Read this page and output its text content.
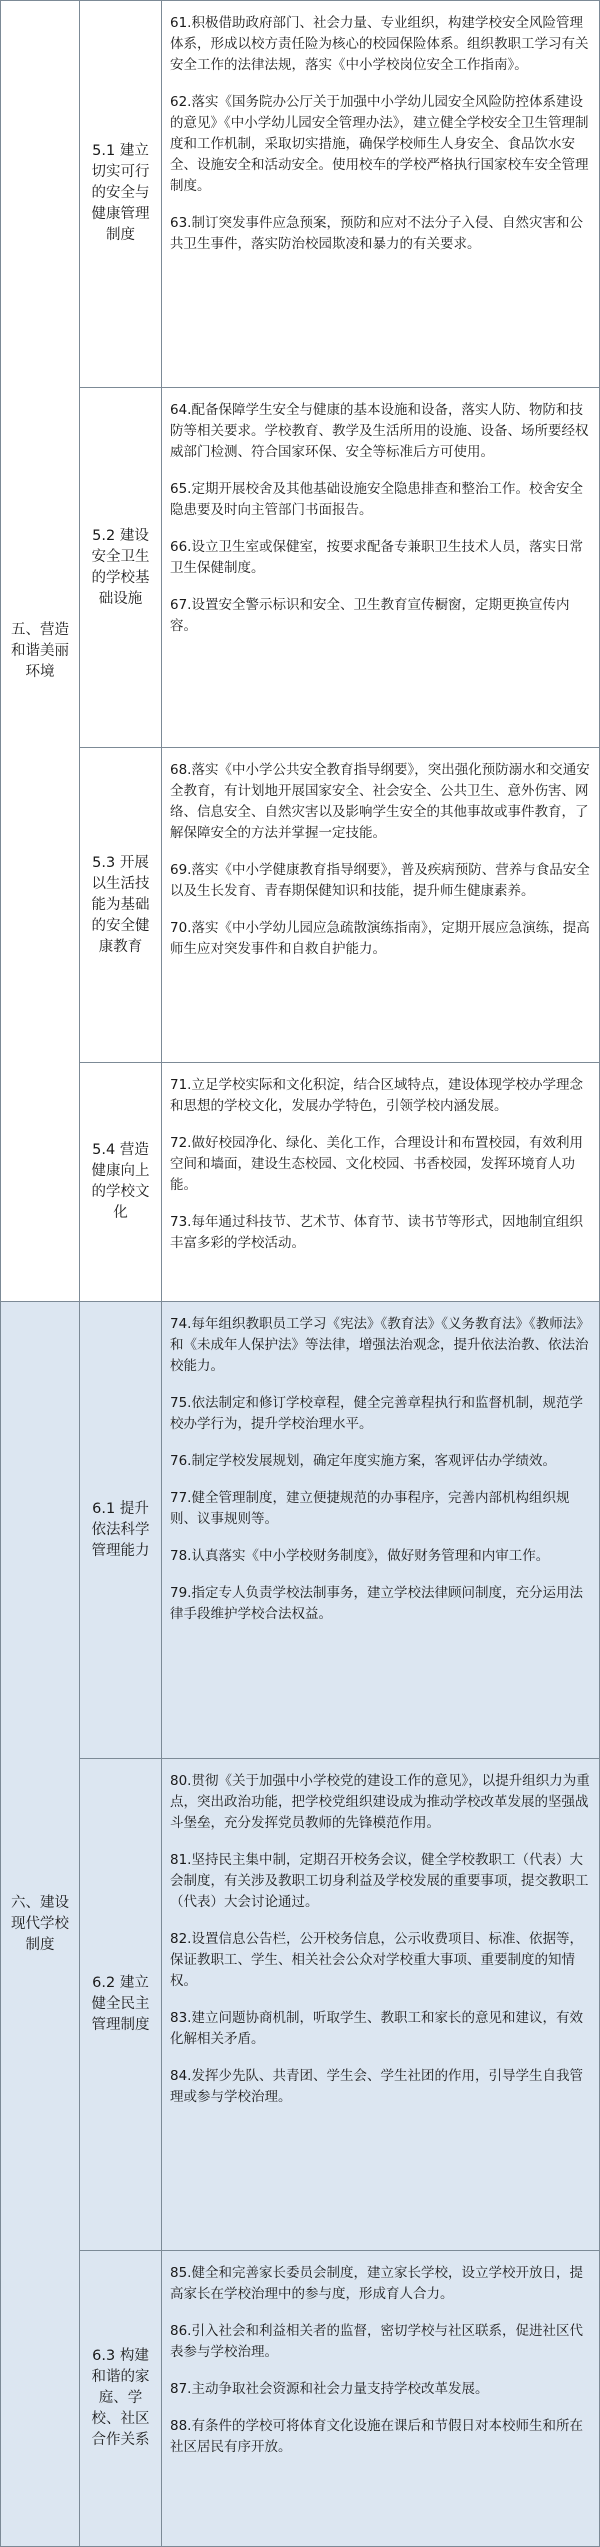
五、营造和谐美丽环境
5.1 建立切实可行的安全与健康管理制度

61.积极借助政府部门、社会力量、专业组织，构建学校安全风险管理体系，形成以校方责任险为核心的校园保险体系。组织教职工学习有关安全工作的法律法规，落实《中小学校岗位安全工作指南》。

62.落实《国务院办公厅关于加强中小学幼儿园安全风险防控体系建设的意见》《中小学幼儿园安全管理办法》，建立健全学校安全卫生管理制度和工作机制，采取切实措施，确保学校师生人身安全、食品饮水安全、设施安全和活动安全。使用校车的学校严格执行国家校车安全管理制度。

63.制订突发事件应急预案，预防和应对不法分子入侵、自然灾害和公共卫生事件，落实防治校园欺凌和暴力的有关要求。

5.2 建设安全卫生的学校基础设施

64.配备保障学生安全与健康的基本设施和设备，落实人防、物防和技防等相关要求。学校教育、教学及生活所用的设施、设备、场所要经权威部门检测、符合国家环保、安全等标准后方可使用。

65.定期开展校舍及其他基础设施安全隐患排查和整治工作。校舍安全隐患要及时向主管部门书面报告。

66.设立卫生室或保健室，按要求配备专兼职卫生技术人员，落实日常卫生保健制度。

67.设置安全警示标识和安全、卫生教育宣传橱窗，定期更换宣传内容。

5.3 开展以生活技能为基础的安全健康教育

68.落实《中小学公共安全教育指导纲要》，突出强化预防溺水和交通安全教育，有计划地开展国家安全、社会安全、公共卫生、意外伤害、网络、信息安全、自然灾害以及影响学生安全的其他事故或事件教育，了解保障安全的方法并掌握一定技能。

69.落实《中小学健康教育指导纲要》，普及疾病预防、营养与食品安全以及生长发育、青春期保健知识和技能，提升师生健康素养。

70.落实《中小学幼儿园应急疏散演练指南》，定期开展应急演练，提高师生应对突发事件和自救自护能力。

5.4 营造健康向上的学校文化

71.立足学校实际和文化积淀，结合区域特点，建设体现学校办学理念和思想的学校文化，发展办学特色，引领学校内涵发展。

72.做好校园净化、绿化、美化工作，合理设计和布置校园，有效利用空间和墙面，建设生态校园、文化校园、书香校园，发挥环境育人功能。

73.每年通过科技节、艺术节、体育节、读书节等形式，因地制宜组织丰富多彩的学校活动。

六、建设现代学校制度
6.1 提升依法科学管理能力

74.每年组织教职员工学习《宪法》《教育法》《义务教育法》《教师法》和《未成年人保护法》等法律，增强法治观念，提升依法治教、依法治校能力。

75.依法制定和修订学校章程，健全完善章程执行和监督机制，规范学校办学行为，提升学校治理水平。

76.制定学校发展规划，确定年度实施方案，客观评估办学绩效。

77.健全管理制度，建立便捷规范的办事程序，完善内部机构组织规则、议事规则等。

78.认真落实《中小学校财务制度》，做好财务管理和内审工作。

79.指定专人负责学校法制事务，建立学校法律顾问制度，充分运用法律手段维护学校合法权益。

6.2 建立健全民主管理制度

80.贯彻《关于加强中小学校党的建设工作的意见》，以提升组织力为重点，突出政治功能，把学校党组织建设成为推动学校改革发展的坚强战斗堡垒，充分发挥党员教师的先锋模范作用。

81.坚持民主集中制，定期召开校务会议，健全学校教职工（代表）大会制度，有关涉及教职工切身利益及学校发展的重要事项，提交教职工（代表）大会讨论通过。

82.设置信息公告栏，公开校务信息，公示收费项目、标准、依据等，保证教职工、学生、相关社会公众对学校重大事项、重要制度的知情权。

83.建立问题协商机制，听取学生、教职工和家长的意见和建议，有效化解相关矛盾。

84.发挥少先队、共青团、学生会、学生社团的作用，引导学生自我管理或参与学校治理。

6.3 构建和谐的家庭、学校、社区合作关系

85.健全和完善家长委员会制度，建立家长学校，设立学校开放日，提高家长在学校治理中的参与度，形成育人合力。

86.引入社会和利益相关者的监督，密切学校与社区联系，促进社区代表参与学校治理。

87.主动争取社会资源和社会力量支持学校改革发展。

88.有条件的学校可将体育文化设施在课后和节假日对本校师生和所在社区居民有序开放。
